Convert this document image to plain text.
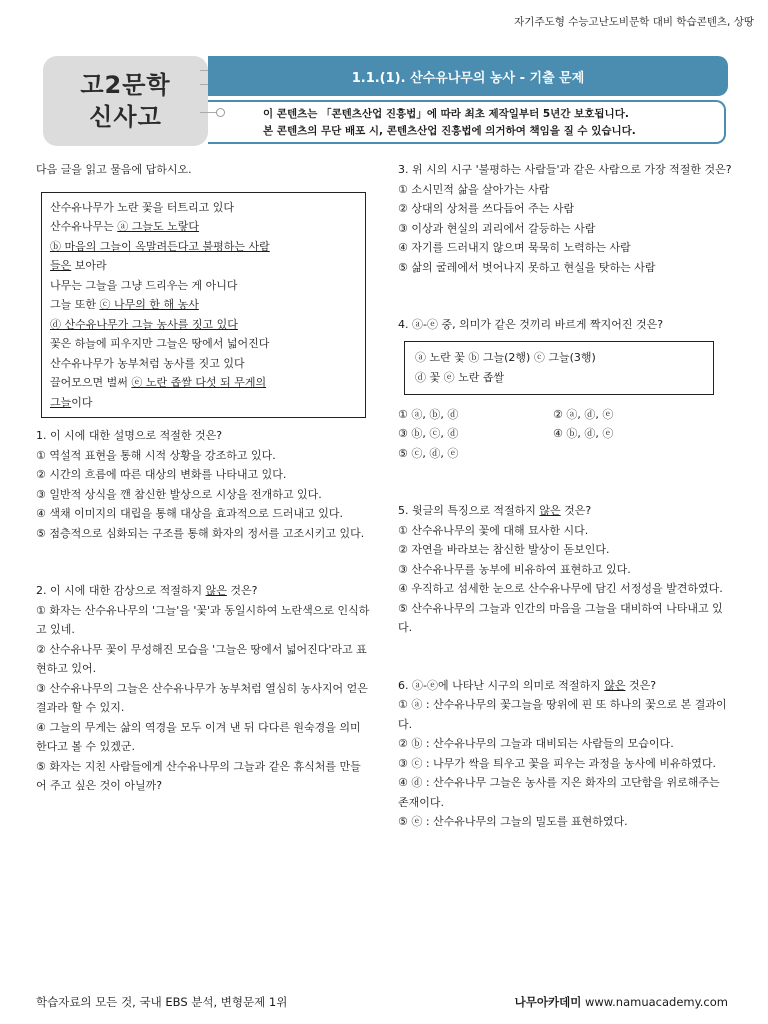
자기주도형 수능고난도비문학 대비 학습콘텐츠, 상땅
고2문학
신사고
1.1.(1). 산수유나무의 농사 - 기출 문제
이 콘텐츠는 「콘텐츠산업 진흥법」에 따라 최초 제작일부터 5년간 보호됩니다.
본 콘텐츠의 무단 배포 시, 콘텐츠산업 진흥법에 의거하여 책임을 질 수 있습니다.

다음 글을 읽고 물음에 답하시오.

산수유나무가 노란 꽃을 터트리고 있다

산수유나무는 ⓐ 그늘도 노랗다

ⓑ 마음의 그늘이 옥말려든다고 불평하는 사람

들은 보아라

나무는 그늘을 그냥 드리우는 게 아니다

그늘 또한 ⓒ 나무의 한 해 농사

ⓓ 산수유나무가 그늘 농사를 짓고 있다

꽃은 하늘에 피우지만 그늘은 땅에서 넓어진다

산수유나무가 농부처럼 농사를 짓고 있다

끌어모으면 벌써 ⓔ 노란 좁쌀 다섯 되 무게의

그늘이다

1. 이 시에 대한 설명으로 적절한 것은?

① 역설적 표현을 통해 시적 상황을 강조하고 있다.

② 시간의 흐름에 따른 대상의 변화를 나타내고 있다.

③ 일반적 상식을 깬 참신한 발상으로 시상을 전개하고 있다.

④ 색채 이미지의 대립을 통해 대상을 효과적으로 드러내고 있다.

⑤ 점층적으로 심화되는 구조를 통해 화자의 정서를 고조시키고 있다.

2. 이 시에 대한 감상으로 적절하지 않은 것은?

① 화자는 산수유나무의 '그늘'을 '꽃'과 동일시하여 노란색으로 인식하고 있네.

② 산수유나무 꽃이 무성해진 모습을 '그늘은 땅에서 넓어진다'라고 표현하고 있어.

③ 산수유나무의 그늘은 산수유나무가 농부처럼 열심히 농사지어 얻은 결과라 할 수 있지.

④ 그늘의 무게는 삶의 역경을 모두 이겨 낸 뒤 다다른 원숙경을 의미한다고 볼 수 있겠군.

⑤ 화자는 지친 사람들에게 산수유나무의 그늘과 같은 휴식처를 만들어 주고 싶은 것이 아닐까?

3. 위 시의 시구 '불평하는 사람들'과 같은 사람으로 가장 적절한 것은?

① 소시민적 삶을 살아가는 사람

② 상대의 상처를 쓰다듬어 주는 사람

③ 이상과 현실의 괴리에서 갈등하는 사람

④ 자기를 드러내지 않으며 묵묵히 노력하는 사람

⑤ 삶의 굴레에서 벗어나지 못하고 현실을 탓하는 사람

4. ⓐ-ⓔ 중, 의미가 같은 것끼리 바르게 짝지어진 것은?

ⓐ 노란 꽃 ⓑ 그늘(2행) ⓒ 그늘(3행)

ⓓ 꽃 ⓔ 노란 좁쌀

① ⓐ, ⓑ, ⓓ	② ⓐ, ⓓ, ⓔ

③ ⓑ, ⓒ, ⓓ	④ ⓑ, ⓓ, ⓔ

⑤ ⓒ, ⓓ, ⓔ

5. 윗글의 특징으로 적절하지 않은 것은?

① 산수유나무의 꽃에 대해 묘사한 시다.

② 자연을 바라보는 참신한 발상이 돋보인다.

③ 산수유나무를 농부에 비유하여 표현하고 있다.

④ 우직하고 섬세한 눈으로 산수유나무에 담긴 서정성을 발견하였다.

⑤ 산수유나무의 그늘과 인간의 마음을 그늘을 대비하여 나타내고 있다.

6. ⓐ-ⓔ에 나타난 시구의 의미로 적절하지 않은 것은?

① ⓐ : 산수유나무의 꽃그늘을 땅위에 핀 또 하나의 꽃으로 본 결과이다.

② ⓑ : 산수유나무의 그늘과 대비되는 사람들의 모습이다.

③ ⓒ : 나무가 싹을 틔우고 꽃을 피우는 과정을 농사에 비유하였다.

④ ⓓ : 산수유나무 그늘은 농사를 지은 화자의 고단함을 위로해주는 존재이다.

⑤ ⓔ : 산수유나무의 그늘의 밀도를 표현하였다.

학습자료의 모든 것, 국내 EBS 분석, 변형문제 1위	나무아카데미 www.namuacademy.com
